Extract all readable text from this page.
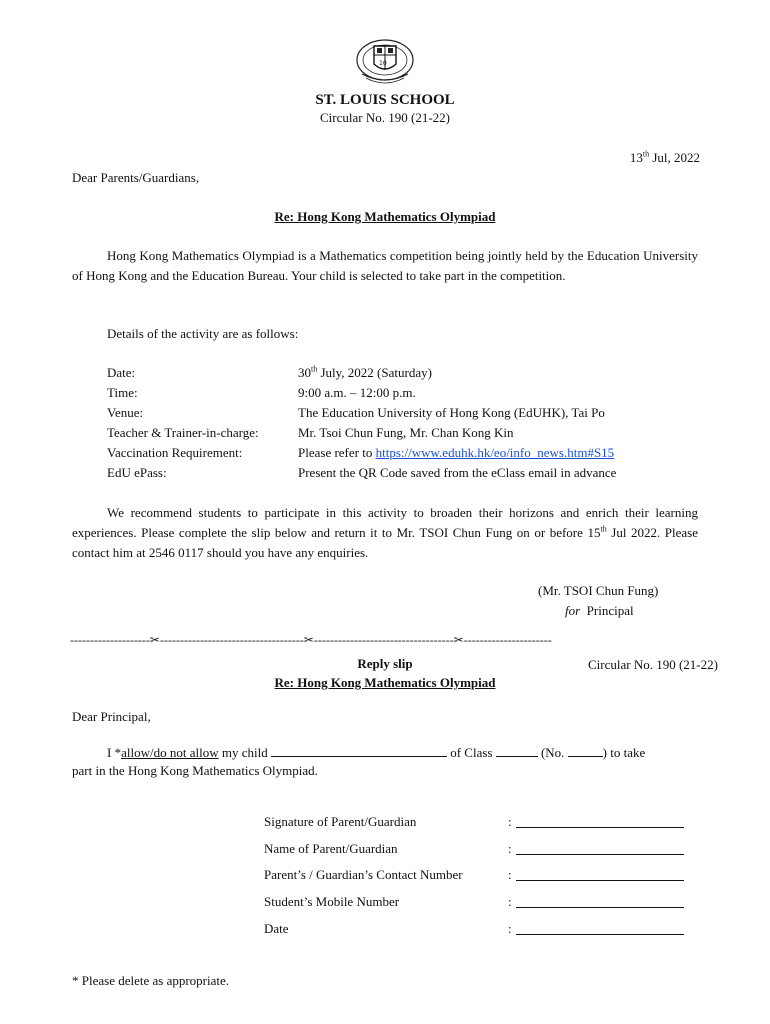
10
ST. LOUIS SCHOOL
Circular No. 190 (21-22)
13th Jul, 2022
Dear Parents/Guardians,
Re: Hong Kong Mathematics Olympiad
Hong Kong Mathematics Olympiad is a Mathematics competition being jointly held by the Education University of Hong Kong and the Education Bureau. Your child is selected to take part in the competition.
Details of the activity are as follows:
Date:	30th July, 2022 (Saturday)
Time:	9:00 a.m. – 12:00 p.m.
Venue:	The Education University of Hong Kong (EdUHK), Tai Po
Teacher & Trainer-in-charge:	Mr. Tsoi Chun Fung, Mr. Chan Kong Kin
Vaccination Requirement:	Please refer to https://www.eduhk.hk/eo/info_news.htm#S15
EdU ePass:	Present the QR Code saved from the eClass email in advance
We recommend students to participate in this activity to broaden their horizons and enrich their learning experiences. Please complete the slip below and return it to Mr. TSOI Chun Fung on or before 15th Jul 2022. Please contact him at 2546 0117 should you have any enquiries.
(Mr. TSOI Chun Fung)
for Principal
--------------------✂------------------------------------✂-----------------------------------✂----------------------
Reply slip	Circular No. 190 (21-22)
Re: Hong Kong Mathematics Olympiad
Dear Principal,
I *allow/do not allow my child	of Class	(No.	) to take
part in the Hong Kong Mathematics Olympiad.
Signature of Parent/Guardian	:
Name of Parent/Guardian	:
Parent’s / Guardian’s Contact Number	:
Student’s Mobile Number	:
Date	:
* Please delete as appropriate.
